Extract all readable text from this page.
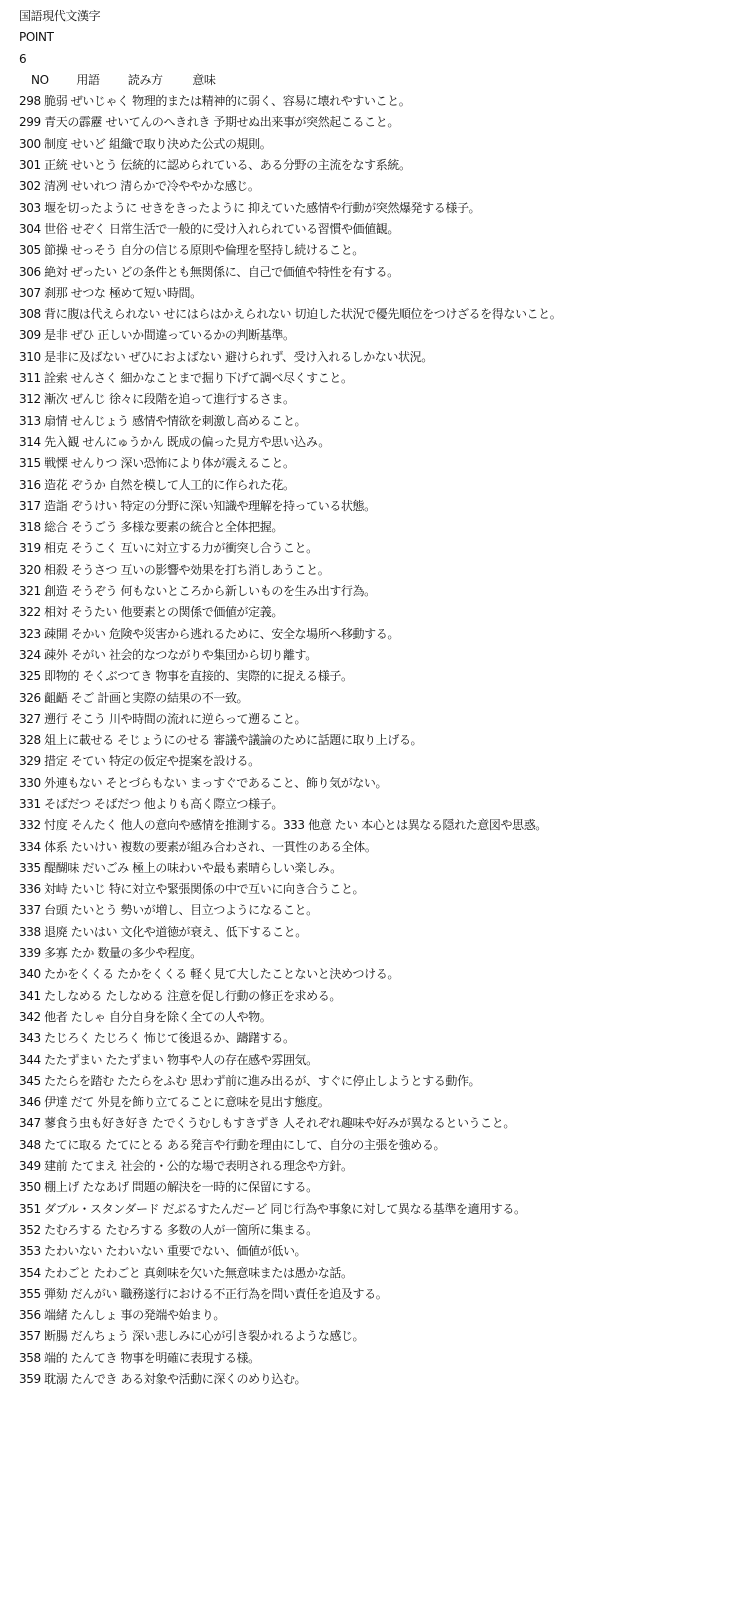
国語現代文漢字
POINT
6
NO 用語 読み方 意味
298 脆弱 ぜいじゃく 物理的または精神的に弱く、容易に壊れやすいこと。
299 青天の霹靂 せいてんのへきれき 予期せぬ出来事が突然起こること。
300 制度 せいど 組織で取り決めた公式の規則。
301 正統 せいとう 伝統的に認められている、ある分野の主流をなす系統。
302 清冽 せいれつ 清らかで冷ややかな感じ。
303 堰を切ったように せきをきったように 抑えていた感情や行動が突然爆発する様子。
304 世俗 せぞく 日常生活で一般的に受け入れられている習慣や価値観。
305 節操 せっそう 自分の信じる原則や倫理を堅持し続けること。
306 絶対 ぜったい どの条件とも無関係に、自己で価値や特性を有する。
307 刹那 せつな 極めて短い時間。
308 背に腹は代えられない せにはらはかえられない 切迫した状況で優先順位をつけざるを得ないこと。
309 是非 ぜひ 正しいか間違っているかの判断基準。
310 是非に及ばない ぜひにおよばない 避けられず、受け入れるしかない状況。
311 詮索 せんさく 細かなことまで掘り下げて調べ尽くすこと。
312 漸次 ぜんじ 徐々に段階を追って進行するさま。
313 扇情 せんじょう 感情や情欲を刺激し高めること。
314 先入観 せんにゅうかん 既成の偏った見方や思い込み。
315 戦慄 せんりつ 深い恐怖により体が震えること。
316 造花 ぞうか 自然を模して人工的に作られた花。
317 造詣 ぞうけい 特定の分野に深い知識や理解を持っている状態。
318 総合 そうごう 多様な要素の統合と全体把握。
319 相克 そうこく 互いに対立する力が衝突し合うこと。
320 相殺 そうさつ 互いの影響や効果を打ち消しあうこと。
321 創造 そうぞう 何もないところから新しいものを生み出す行為。
322 相対 そうたい 他要素との関係で価値が定義。
323 疎開 そかい 危険や災害から逃れるために、安全な場所へ移動する。
324 疎外 そがい 社会的なつながりや集団から切り離す。
325 即物的 そくぶつてき 物事を直接的、実際的に捉える様子。
326 齟齬 そご 計画と実際の結果の不一致。
327 遡行 そこう 川や時間の流れに逆らって遡ること。
328 俎上に載せる そじょうにのせる 審議や議論のために話題に取り上げる。
329 措定 そてい 特定の仮定や提案を設ける。
330 外連もない そとづらもない まっすぐであること、飾り気がない。
331 そばだつ そばだつ 他よりも高く際立つ様子。
332 忖度 そんたく 他人の意向や感情を推測する。333 他意 たい 本心とは異なる隠れた意図や思惑。
334 体系 たいけい 複数の要素が組み合わされ、一貫性のある全体。
335 醍醐味 だいごみ 極上の味わいや最も素晴らしい楽しみ。
336 対峙 たいじ 特に対立や緊張関係の中で互いに向き合うこと。
337 台頭 たいとう 勢いが増し、目立つようになること。
338 退廃 たいはい 文化や道徳が衰え、低下すること。
339 多寡 たか 数量の多少や程度。
340 たかをくくる たかをくくる 軽く見て大したことないと決めつける。
341 たしなめる たしなめる 注意を促し行動の修正を求める。
342 他者 たしゃ 自分自身を除く全ての人や物。
343 たじろく たじろく 怖じて後退るか、躊躇する。
344 たたずまい たたずまい 物事や人の存在感や雰囲気。
345 たたらを踏む たたらをふむ 思わず前に進み出るが、すぐに停止しようとする動作。
346 伊達 だて 外見を飾り立てることに意味を見出す態度。
347 蓼食う虫も好き好き たでくうむしもすきずき 人それぞれ趣味や好みが異なるということ。
348 たてに取る たてにとる ある発言や行動を理由にして、自分の主張を強める。
349 建前 たてまえ 社会的・公的な場で表明される理念や方針。
350 棚上げ たなあげ 問題の解決を一時的に保留にする。
351 ダブル・スタンダード だぶるすたんだーど 同じ行為や事象に対して異なる基準を適用する。
352 たむろする たむろする 多数の人が一箇所に集まる。
353 たわいない たわいない 重要でない、価値が低い。
354 たわごと たわごと 真剣味を欠いた無意味または愚かな話。
355 弾劾 だんがい 職務遂行における不正行為を問い責任を追及する。
356 端緒 たんしょ 事の発端や始まり。
357 断腸 だんちょう 深い悲しみに心が引き裂かれるような感じ。
358 端的 たんてき 物事を明確に表現する様。
359 耽溺 たんでき ある対象や活動に深くのめり込む。
